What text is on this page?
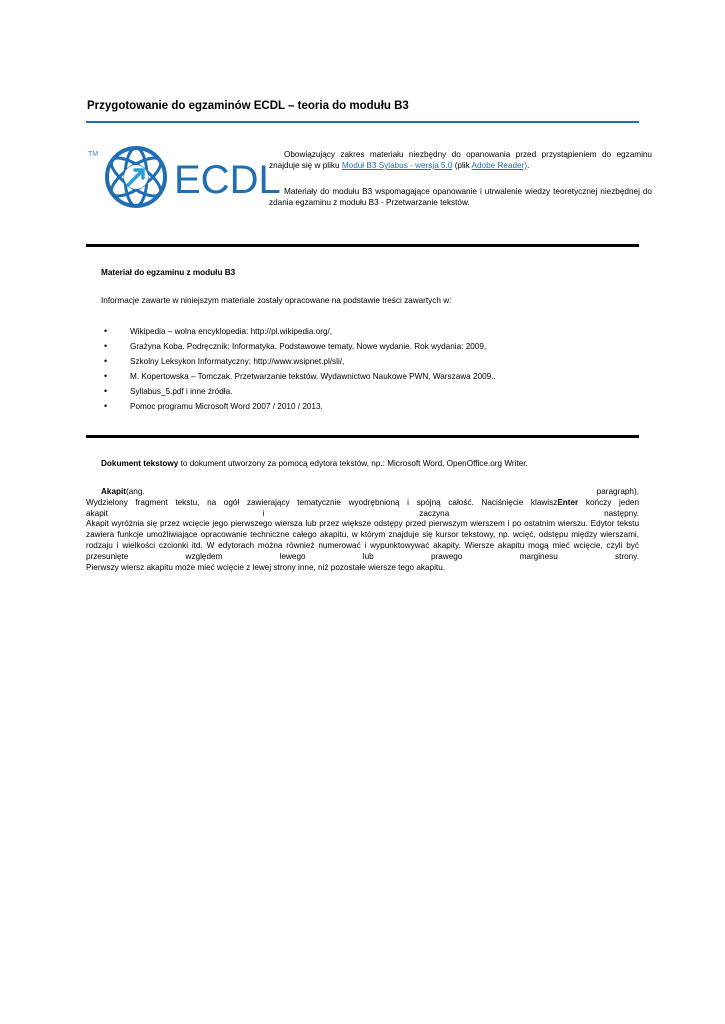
Przygotowanie do egzaminów ECDL – teoria do modułu B3
TM
ECDL

Obowiązujący zakres materiału niezbędny do opanowania przed przystąpieniem do egzaminu znajduje się w pliku Moduł B3 Sylabus - wersja 5.0 (plik Adobe Reader).

Materiały do modułu B3 wspomagające opanowanie i utrwalenie wiedzy teoretycznej niezbędnej do zdania egzaminu z modułu B3 - Przetwarzanie tekstów.

Materiał do egzaminu z modułu B3
Informacje zawarte w niniejszym materiale zostały opracowane na podstawie treści zawartych w:
•	Wikipedia – wolna encyklopedia: http://pl.wikipedia.org/,
•	Grażyna Koba. Podręcznik: Informatyka. Podstawowe tematy. Nowe wydanie. Rok wydania: 2009,
•	Szkolny Leksykon Informatyczny: http://www.wsipnet.pl/sli/,
•	M. Kopertowska – Tomczak. Przetwarzanie tekstów. Wydawnictwo Naukowe PWN, Warszawa 2009..
•	Syllabus_5.pdf i inne źródła.
•	Pomoc programu Microsoft Word 2007 / 2010 / 2013.
Dokument tekstowy to dokument utworzony za pomocą edytora tekstów, np.: Microsoft Word, OpenOffice.org Writer.
Akapit(ang.	paragraph),
Wydzielony fragment tekstu, na ogół zawierający tematycznie wyodrębnioną i spójną całość. Naciśnięcie klawiszEnter kończy jeden
akapit	i	zaczyna	następny.
Akapit wyróżnia się przez wcięcie jego pierwszego wiersza lub przez większe odstępy przed pierwszym wierszem i po ostatnim wierszu. Edytor tekstu zawiera funkcje umożliwiające opracowanie techniczne całego akapitu, w którym znajduje się kursor tekstowy, np. wcięć, odstępu między wierszami, rodzaju i wielkości czcionki itd. W edytorach można również numerować i wypunktowywać akapity. Wiersze akapitu mogą mieć wcięcie, czyli być przesunięte względem lewego lub prawego marginesu strony.
Pierwszy wiersz akapitu może mieć wcięcie z lewej strony inne, niż pozostałe wiersze tego akapitu.
